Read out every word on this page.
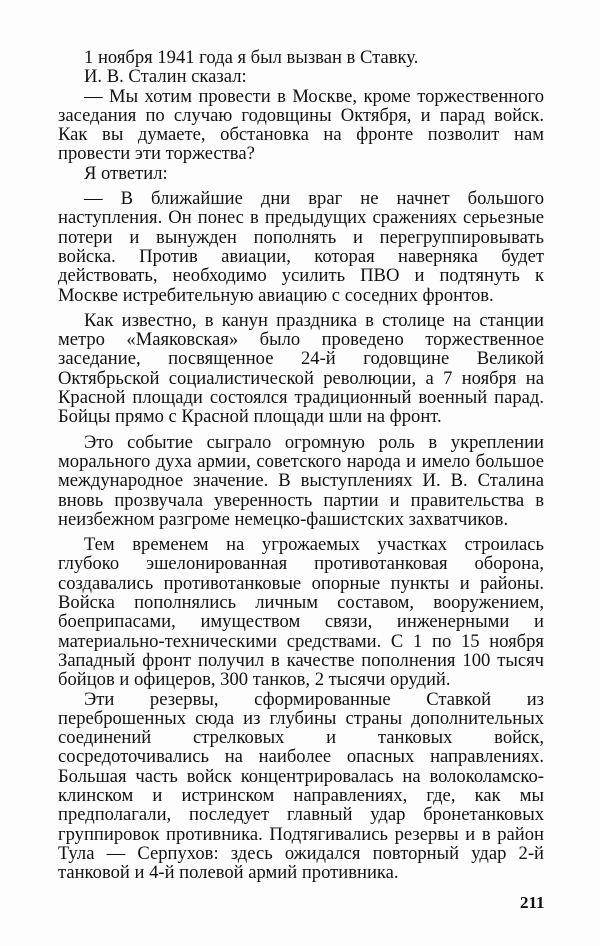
1 ноября 1941 года я был вызван в Ставку.

И. В. Сталин сказал:

— Мы хотим провести в Москве, кроме торжественного заседания по случаю годовщины Октября, и парад войск. Как вы думаете, обстановка на фронте позволит нам провести эти торжества?

Я ответил:

— В ближайшие дни враг не начнет большого наступления. Он понес в предыдущих сражениях серьезные потери и вынужден пополнять и перегруппировывать войска. Против авиации, которая наверняка будет действовать, необходимо усилить ПВО и подтянуть к Москве истребительную авиацию с соседних фронтов.

Как известно, в канун праздника в столице на станции метро «Маяковская» было проведено торжественное заседание, посвященное 24-й годовщине Великой Октябрьской социалистической революции, а 7 ноября на Красной площади состоялся традиционный военный парад. Бойцы прямо с Красной площади шли на фронт.

Это событие сыграло огромную роль в укреплении морального духа армии, советского народа и имело большое международное значение. В выступлениях И. В. Сталина вновь прозвучала уверенность партии и правительства в неизбежном разгроме немецко-фашистских захватчиков.

Тем временем на угрожаемых участках строилась глубоко эшелонированная противотанковая оборона, создавались противотанковые опорные пункты и районы. Войска пополнялись личным составом, вооружением, боеприпасами, имуществом связи, инженерными и материально-техническими средствами. С 1 по 15 ноября Западный фронт получил в качестве пополнения 100 тысяч бойцов и офицеров, 300 танков, 2 тысячи орудий.

Эти резервы, сформированные Ставкой из переброшенных сюда из глубины страны дополнительных соединений стрелковых и танковых войск, сосредоточивались на наиболее опасных направлениях. Большая часть войск концентрировалась на волоколамско-клинском и истринском направлениях, где, как мы предполагали, последует главный удар бронетанковых группировок противника. Подтягивались резервы и в район Тула — Серпухов: здесь ожидался повторный удар 2-й танковой и 4-й полевой армий противника.

211
